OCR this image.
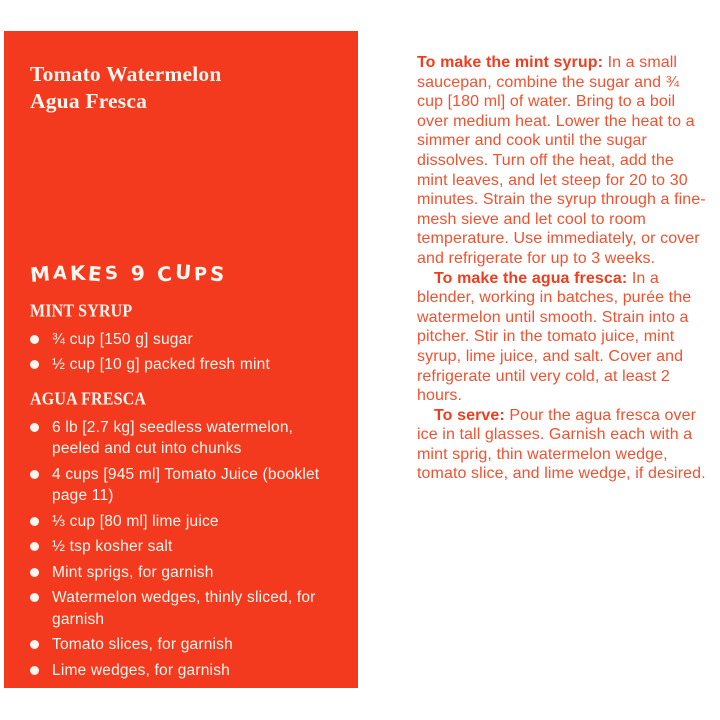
Tomato Watermelon
Agua Fresca
MAKES 9 CUPS
MINT SYRUP
¾ cup [150 g] sugar
½ cup [10 g] packed fresh mint
AGUA FRESCA
6 lb [2.7 kg] seedless watermelon, peeled and cut into chunks
4 cups [945 ml] Tomato Juice (booklet page 11)
⅓ cup [80 ml] lime juice
½ tsp kosher salt
Mint sprigs, for garnish
Watermelon wedges, thinly sliced, for garnish
Tomato slices, for garnish
Lime wedges, for garnish

To make the mint syrup: In a small saucepan, combine the sugar and ¾ cup [180 ml] of water. Bring to a boil over medium heat. Lower the heat to a simmer and cook until the sugar dissolves. Turn off the heat, add the mint leaves, and let steep for 20 to 30 minutes. Strain the syrup through a fine-mesh sieve and let cool to room temperature. Use immediately, or cover and refrigerate for up to 3 weeks.

To make the agua fresca: In a blender, working in batches, purée the watermelon until smooth. Strain into a pitcher. Stir in the tomato juice, mint syrup, lime juice, and salt. Cover and refrigerate until very cold, at least 2 hours.

To serve: Pour the agua fresca over ice in tall glasses. Garnish each with a mint sprig, thin watermelon wedge, tomato slice, and lime wedge, if desired.
